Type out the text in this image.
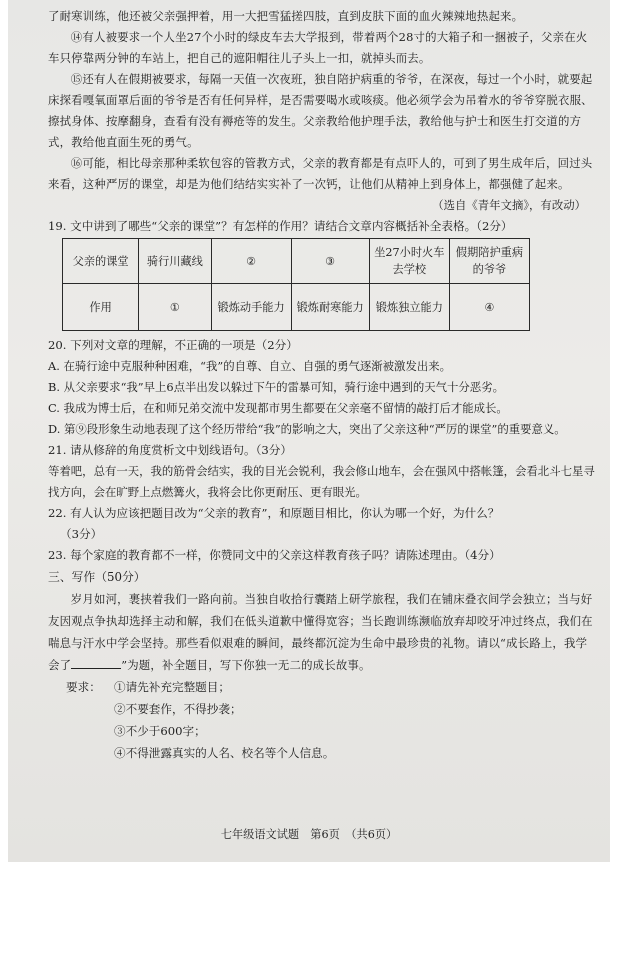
了耐寒训练，他还被父亲强押着，用一大把雪猛搓四肢，直到皮肤下面的血火辣辣地热起来。

⑭有人被要求一个人坐27个小时的绿皮车去大学报到，带着两个28寸的大箱子和一捆被子，父亲在火车只停靠两分钟的车站上，把自己的遮阳帽往儿子头上一扣，就掉头而去。

⑮还有人在假期被要求，每隔一天值一次夜班，独自陪护病重的爷爷，在深夜，每过一个小时，就要起床探看嘎氧面罩后面的爷爷是否有任何异样，是否需要喝水或咳痰。他必须学会为吊着水的爷爷穿脱衣服、擦拭身体、按摩翻身，查看有没有褥疮等的发生。父亲教给他护理手法，教给他与护士和医生打交道的方式，教给他直面生死的勇气。

⑯可能，相比母亲那种柔软包容的管教方式，父亲的教育都是有点吓人的，可到了男生成年后，回过头来看，这种严厉的课堂，却是为他们结结实实补了一次钙，让他们从精神上到身体上，都强健了起来。

（选自《青年文摘》，有改动）

19. 文中讲到了哪些“父亲的课堂”？有怎样的作用？请结合文章内容概括补全表格。（2分）

父亲的课堂	骑行川藏线	②	③	坐27小时火车去学校	假期陪护重病的爷爷
作用	①	锻炼动手能力	锻炼耐寒能力	锻炼独立能力	④

20. 下列对文章的理解，不正确的一项是（2分）

A. 在骑行途中克服种种困难，“我”的自尊、自立、自强的勇气逐渐被激发出来。

B. 从父亲要求“我”早上6点半出发以躲过下午的雷暴可知，骑行途中遇到的天气十分恶劣。

C. 我成为博士后，在和师兄弟交流中发现都市男生都要在父亲毫不留情的敲打后才能成长。

D. 第⑨段形象生动地表现了这个经历带给“我”的影响之大，突出了父亲这种“严厉的课堂”的重要意义。

21. 请从修辞的角度赏析文中划线语句。（3分）

等着吧，总有一天，我的筋骨会结实，我的目光会锐利，我会修山地车，会在强风中搭帐篷，会看北斗七星寻找方向，会在旷野上点燃篝火，我将会比你更耐压、更有眼光。

22. 有人认为应该把题目改为“父亲的教育”，和原题目相比，你认为哪一个好，为什么？

（3分）

23. 每个家庭的教育都不一样，你赞同文中的父亲这样教育孩子吗？请陈述理由。（4分）

三、写作（50分）

岁月如河，裹挟着我们一路向前。当独自收拾行囊踏上研学旅程，我们在铺床叠衣间学会独立；当与好友因观点争执却选择主动和解，我们在低头道歉中懂得宽容；当长跑训练濒临放弃却咬牙冲过终点，我们在喘息与汗水中学会坚持。那些看似艰难的瞬间，最终都沉淀为生命中最珍贵的礼物。请以“成长路上，我学会了	”为题，补全题目，写下你独一无二的成长故事。

要求：	①请先补充完整题目；

②不要套作，不得抄袭；

③不少于600字；

④不得泄露真实的人名、校名等个人信息。

七年级语文试题　第6页　（共6页）
